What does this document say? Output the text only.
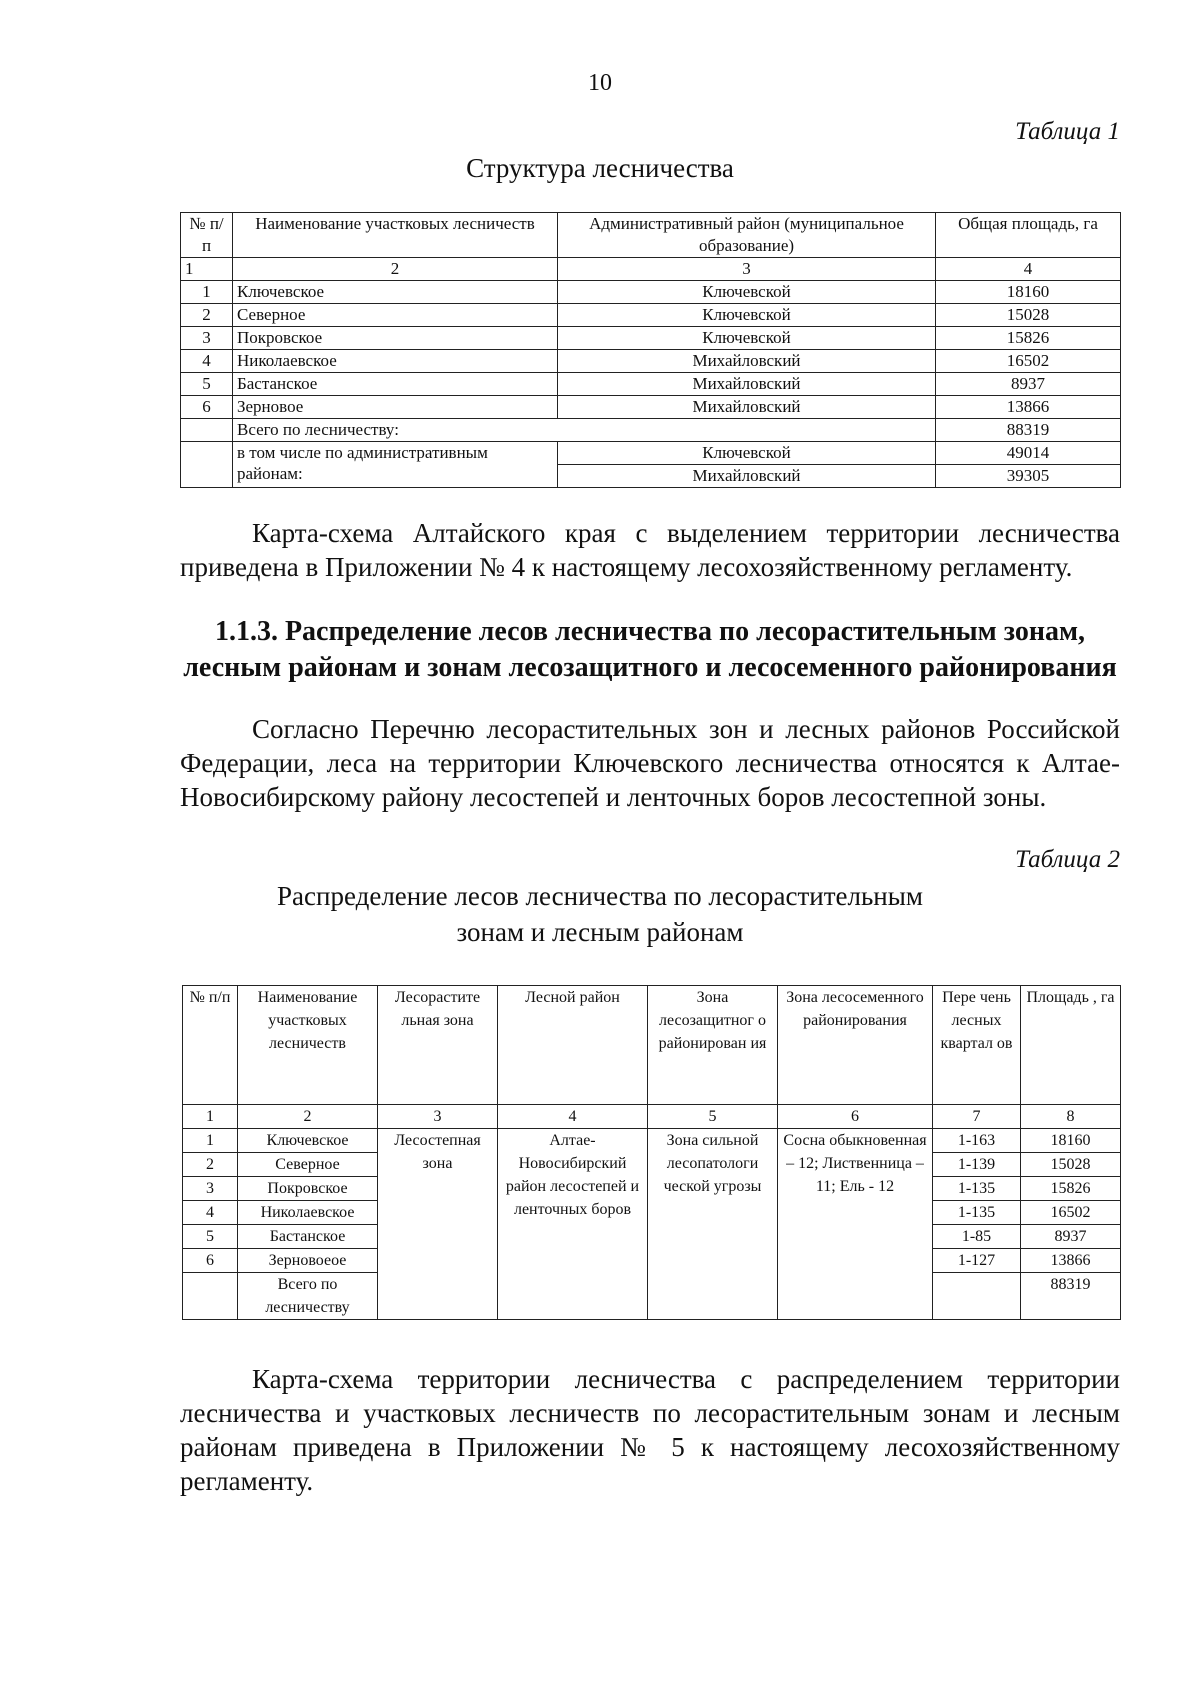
10
Таблица 1
Структура лесничества
№ п/п	Наименование участковых лесничеств	Административный район (муниципальное образование)	Общая площадь, га
1	2	3	4
1	Ключевское	Ключевской	18160
2	Северное	Ключевской	15028
3	Покровское	Ключевской	15826
4	Николаевское	Михайловский	16502
5	Бастанское	Михайловский	8937
6	Зерновое	Михайловский	13866
	Всего по лесничеству:		88319
	в том числе по административным районам:	Ключевской	49014
		Михайловский	39305

Карта-схема Алтайского края с выделением территории лесничества приведена в Приложении № 4 к настоящему лесохозяйственному регламенту.

1.1.3. Распределение лесов лесничества по лесорастительным зонам, лесным районам и зонам лесозащитного и лесосеменного районирования

Согласно Перечню лесорастительных зон и лесных районов Российской Федерации, леса на территории Ключевского лесничества относятся к Алтае-Новосибирскому району лесостепей и ленточных боров лесостепной зоны.

Таблица 2
Распределение лесов лесничества по лесорастительным
зонам и лесным районам
№ п/п	Наименование участковых лесничеств	Лесорастите льная зона	Лесной район	Зона лесозащитног о районирован ия	Зона лесосеменного районирования	Пере чень лесных квартал ов	Площадь , га
1	2	3	4	5	6	7	8
1	Ключевское	Лесостепная зона	Алтае-Новосибирский район лесостепей и ленточных боров	Зона сильной лесопатологи ческой угрозы	Сосна обыкновенная – 12; Лиственница – 11; Ель - 12	1-163	18160
2	Северное					1-139	15028
3	Покровское					1-135	15826
4	Николаевское					1-135	16502
5	Бастанское					1-85	8937
6	Зерновоеое					1-127	13866
	Всего по лесничеству						88319

Карта-схема территории лесничества с распределением территории лесничества и участковых лесничеств по лесорастительным зонам и лесным районам приведена в Приложении № 5 к настоящему лесохозяйственному регламенту.
